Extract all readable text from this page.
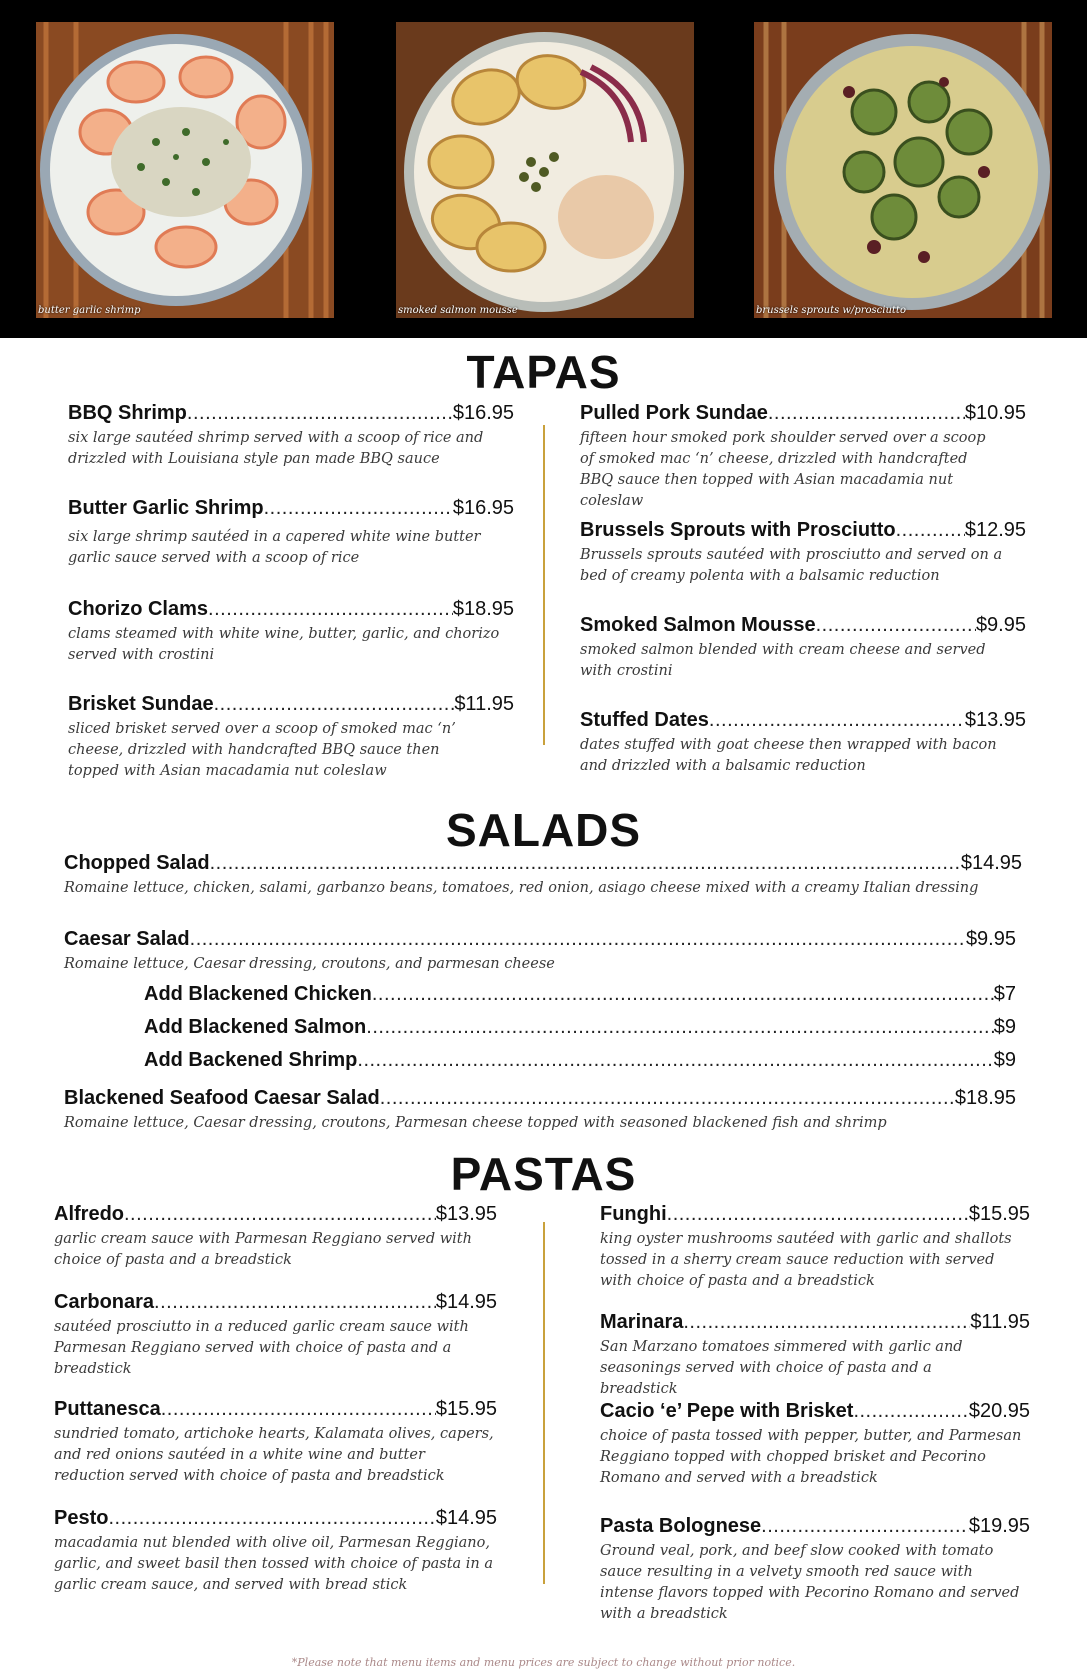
butter garlic shrimp	smoked salmon mousse	brussels sprouts w/prosciutto
TAPAS
BBQ Shrimp .....	$16.95
six large sautéed shrimp served with a scoop of rice and drizzled with Louisiana style pan made BBQ sauce
Butter Garlic Shrimp .....	$16.95
six large shrimp sautéed in a capered white wine butter garlic sauce served with a scoop of rice
Chorizo Clams .....	$18.95
clams steamed with white wine, butter, garlic, and chorizo served with crostini
Brisket Sundae .....	$11.95
sliced brisket served over a scoop of smoked mac ‘n’ cheese, drizzled with handcrafted BBQ sauce then topped with Asian macadamia nut coleslaw
Pulled Pork Sundae .....	$10.95
fifteen hour smoked pork shoulder served over a scoop of smoked mac ‘n’ cheese, drizzled with handcrafted BBQ sauce then topped with Asian macadamia nut coleslaw
Brussels Sprouts with Prosciutto .....	$12.95
Brussels sprouts sautéed with prosciutto and served on a bed of creamy polenta with a balsamic reduction
Smoked Salmon Mousse .....	$9.95
smoked salmon blended with cream cheese and served with crostini
Stuffed Dates .....	$13.95
dates stuffed with goat cheese then wrapped with bacon and drizzled with a balsamic reduction
SALADS
Chopped Salad .....	$14.95
Romaine lettuce, chicken, salami, garbanzo beans, tomatoes, red onion, asiago cheese mixed with a creamy Italian dressing
Caesar Salad .....	$9.95
Romaine lettuce, Caesar dressing, croutons, and parmesan cheese
Add Blackened Chicken .....	$7
Add Blackened Salmon .....	$9
Add Backened Shrimp .....	$9
Blackened Seafood Caesar Salad .....	$18.95
Romaine lettuce, Caesar dressing, croutons, Parmesan cheese topped with seasoned blackened fish and shrimp
PASTAS
Alfredo .....	$13.95
garlic cream sauce with Parmesan Reggiano served with choice of pasta and a breadstick
Carbonara .....	$14.95
sautéed prosciutto in a reduced garlic cream sauce with Parmesan Reggiano served with choice of pasta and a breadstick
Puttanesca .....	$15.95
sundried tomato, artichoke hearts, Kalamata olives, capers, and red onions sautéed in a white wine and butter reduction served with choice of pasta and breadstick
Pesto .....	$14.95
macadamia nut blended with olive oil, Parmesan Reggiano, garlic, and sweet basil then tossed with choice of pasta in a garlic cream sauce, and served with bread stick
Funghi .....	$15.95
king oyster mushrooms sautéed with garlic and shallots tossed in a sherry cream sauce reduction with served with choice of pasta and a breadstick
Marinara .....	$11.95
San Marzano tomatoes simmered with garlic and seasonings served with choice of pasta and a breadstick
Cacio ‘e’ Pepe with Brisket .....	$20.95
choice of pasta tossed with pepper, butter, and Parmesan Reggiano topped with chopped brisket and Pecorino Romano and served with a breadstick
Pasta Bolognese .....	$19.95
Ground veal, pork, and beef slow cooked with tomato sauce resulting in a velvety smooth red sauce with intense flavors topped with Pecorino Romano and served with a breadstick
*Please note that menu items and menu prices are subject to change without prior notice.
